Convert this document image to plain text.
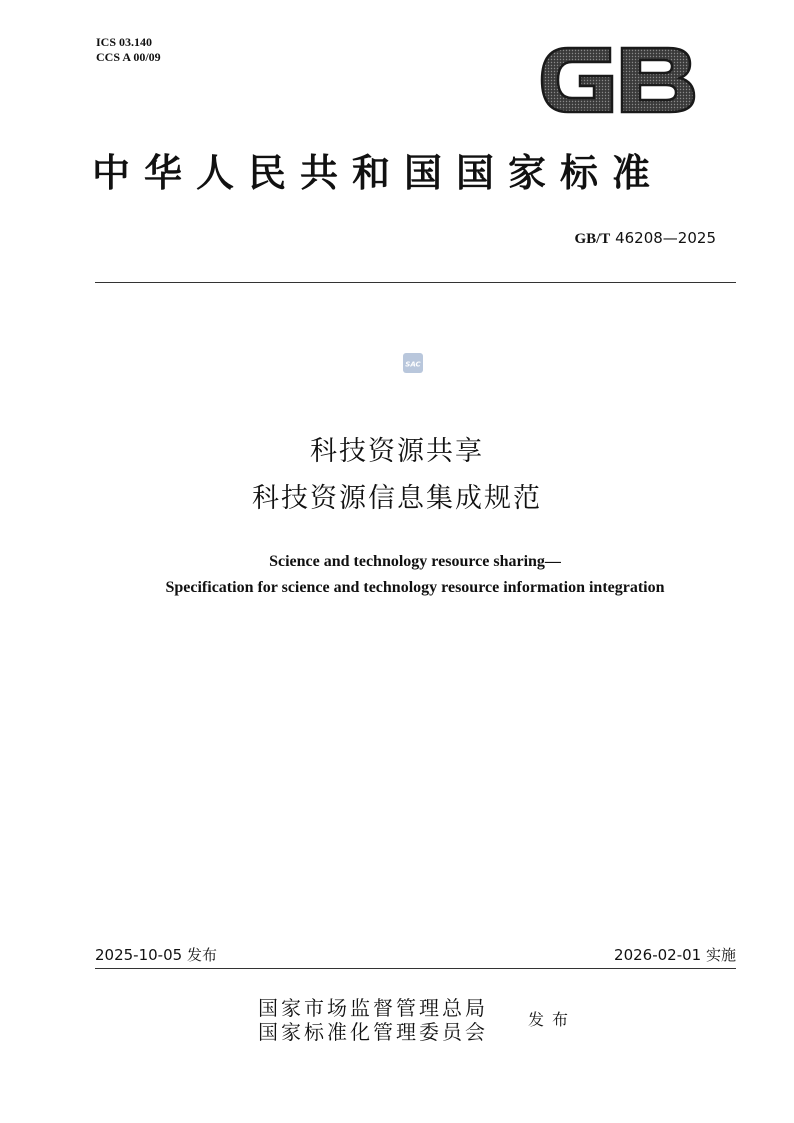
ICS 03.140
CCS A 00/09
中华人民共和国国家标准
GB/T 46208—2025
SAC
科技资源共享
科技资源信息集成规范
Science and technology resource sharing—
Specification for science and technology resource information integration
2025-10-05 发布	2026-02-01 实施
国家市场监督管理总局
国家标准化管理委员会
发布
